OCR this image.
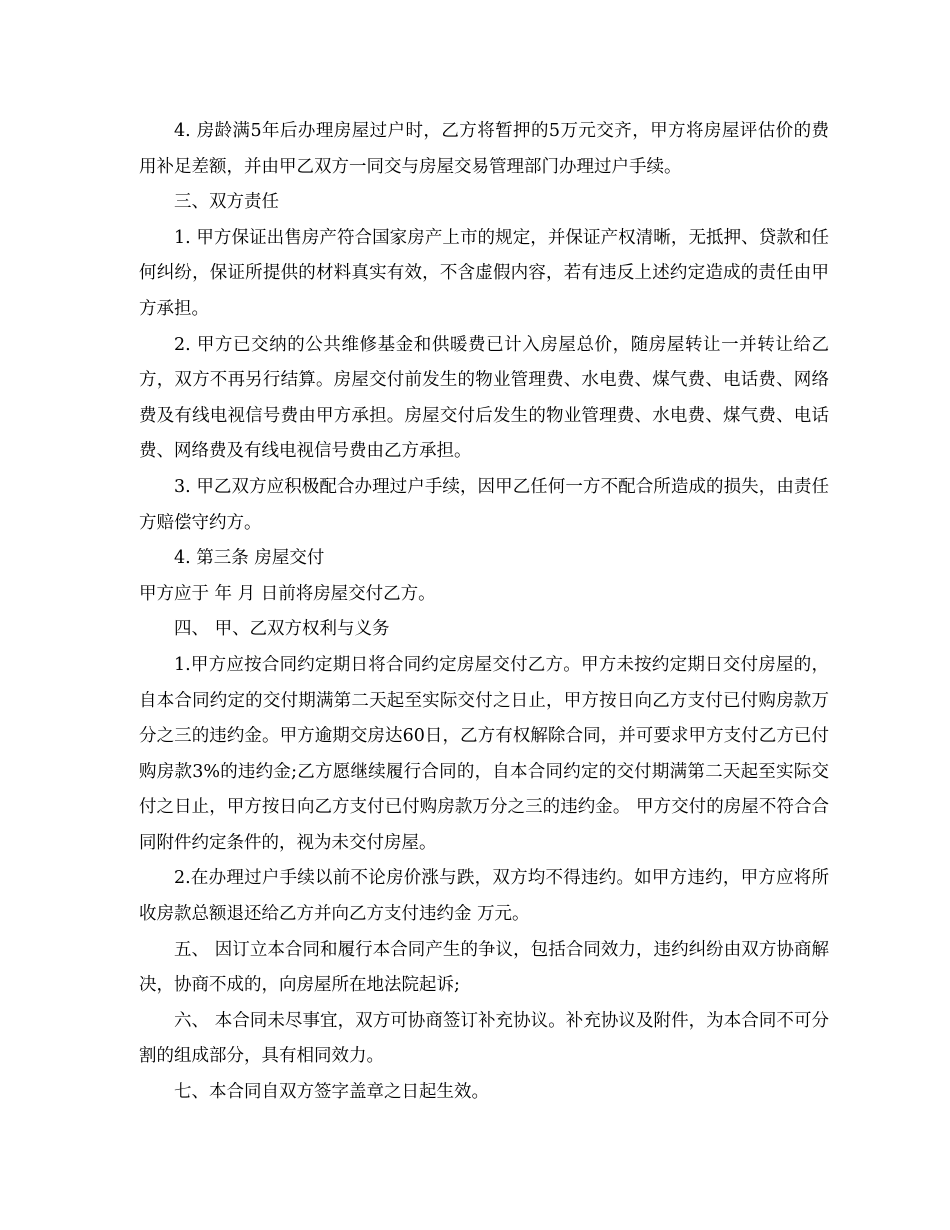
4. 房龄满5年后办理房屋过户时，乙方将暂押的5万元交齐，甲方将房屋评估价的费用补足差额，并由甲乙双方一同交与房屋交易管理部门办理过户手续。

三、双方责任

1. 甲方保证出售房产符合国家房产上市的规定，并保证产权清晰，无抵押、贷款和任何纠纷，保证所提供的材料真实有效，不含虚假内容，若有违反上述约定造成的责任由甲方承担。

2. 甲方已交纳的公共维修基金和供暖费已计入房屋总价，随房屋转让一并转让给乙方，双方不再另行结算。房屋交付前发生的物业管理费、水电费、煤气费、电话费、网络费及有线电视信号费由甲方承担。房屋交付后发生的物业管理费、水电费、煤气费、电话费、网络费及有线电视信号费由乙方承担。

3. 甲乙双方应积极配合办理过户手续，因甲乙任何一方不配合所造成的损失，由责任方赔偿守约方。

4. 第三条 房屋交付

甲方应于 年 月 日前将房屋交付乙方。

四、 甲、乙双方权利与义务

1.甲方应按合同约定期日将合同约定房屋交付乙方。甲方未按约定期日交付房屋的，自本合同约定的交付期满第二天起至实际交付之日止，甲方按日向乙方支付已付购房款万分之三的违约金。甲方逾期交房达60日，乙方有权解除合同，并可要求甲方支付乙方已付购房款3%的违约金;乙方愿继续履行合同的，自本合同约定的交付期满第二天起至实际交付之日止，甲方按日向乙方支付已付购房款万分之三的违约金。 甲方交付的房屋不符合合同附件约定条件的，视为未交付房屋。

2.在办理过户手续以前不论房价涨与跌，双方均不得违约。如甲方违约，甲方应将所收房款总额退还给乙方并向乙方支付违约金 万元。

五、 因订立本合同和履行本合同产生的争议，包括合同效力，违约纠纷由双方协商解决，协商不成的，向房屋所在地法院起诉;

六、 本合同未尽事宜，双方可协商签订补充协议。补充协议及附件，为本合同不可分割的组成部分，具有相同效力。

七、本合同自双方签字盖章之日起生效。
